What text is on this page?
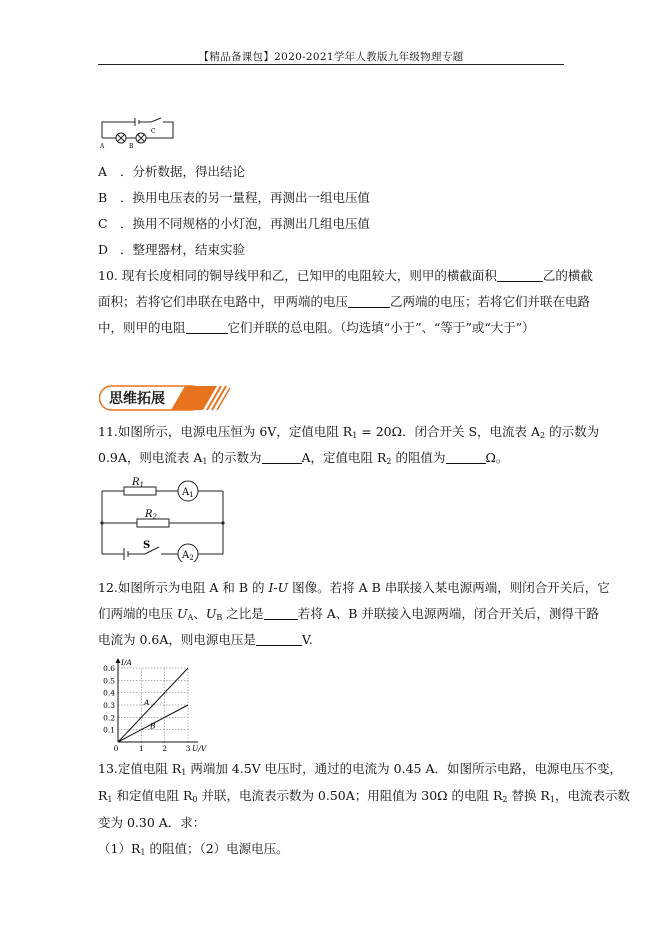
【精品备课包】2020-2021学年人教版九年级物理专题
A	B
C
A ．分析数据，得出结论
B ．换用电压表的另一量程，再测出一组电压值
C ．换用不同规格的小灯泡，再测出几组电压值
D ．整理器材，结束实验
10. 现有长度相同的铜导线甲和乙，已知甲的电阻较大，则甲的横截面积	乙的横截
面积；若将它们串联在电路中，甲两端的电压	乙两端的电压；若将它们并联在电路
中，则甲的电阻	它们并联的总电阻。（均选填“小于”、“等于”或“大于”）
思维拓展
11.如图所示，电源电压恒为 6V，定值电阻 $R_1 = 20\Omega$．闭合开关 S，电流表 $A_2$ 的示数为
0.9A，则电流表 $A_1$ 的示数为	A，定值电阻 $R_2$ 的阻值为	Ω。
$R_1$
$R_2$
$A_1$
$A_2$
S
12.如图所示为电阻 A 和 B 的 I-U 图像。若将 A B 串联接入某电源两端，则闭合开关后，它
们两端的电压 $U_A$、$U_B$ 之比是	若将 A、B 并联接入电源两端，闭合开关后，测得干路
电流为 0.6A，则电源电压是	V.
0.1
0.2
0.3
0.4
0.5
0.6
0	1 2 3
I/A
U/V
A
B
13.定值电阻 $R_1$ 两端加 4.5V 电压时，通过的电流为 0.45 A．如图所示电路，电源电压不变，
$R_1$ 和定值电阻 $R_0$ 并联，电流表示数为 0.50A；用阻值为 30Ω 的电阻 $R_2$ 替换 $R_1$，电流表示数
变为 0.30 A．求：
$(1)R_1$ 的阻值；（2）电源电压。
